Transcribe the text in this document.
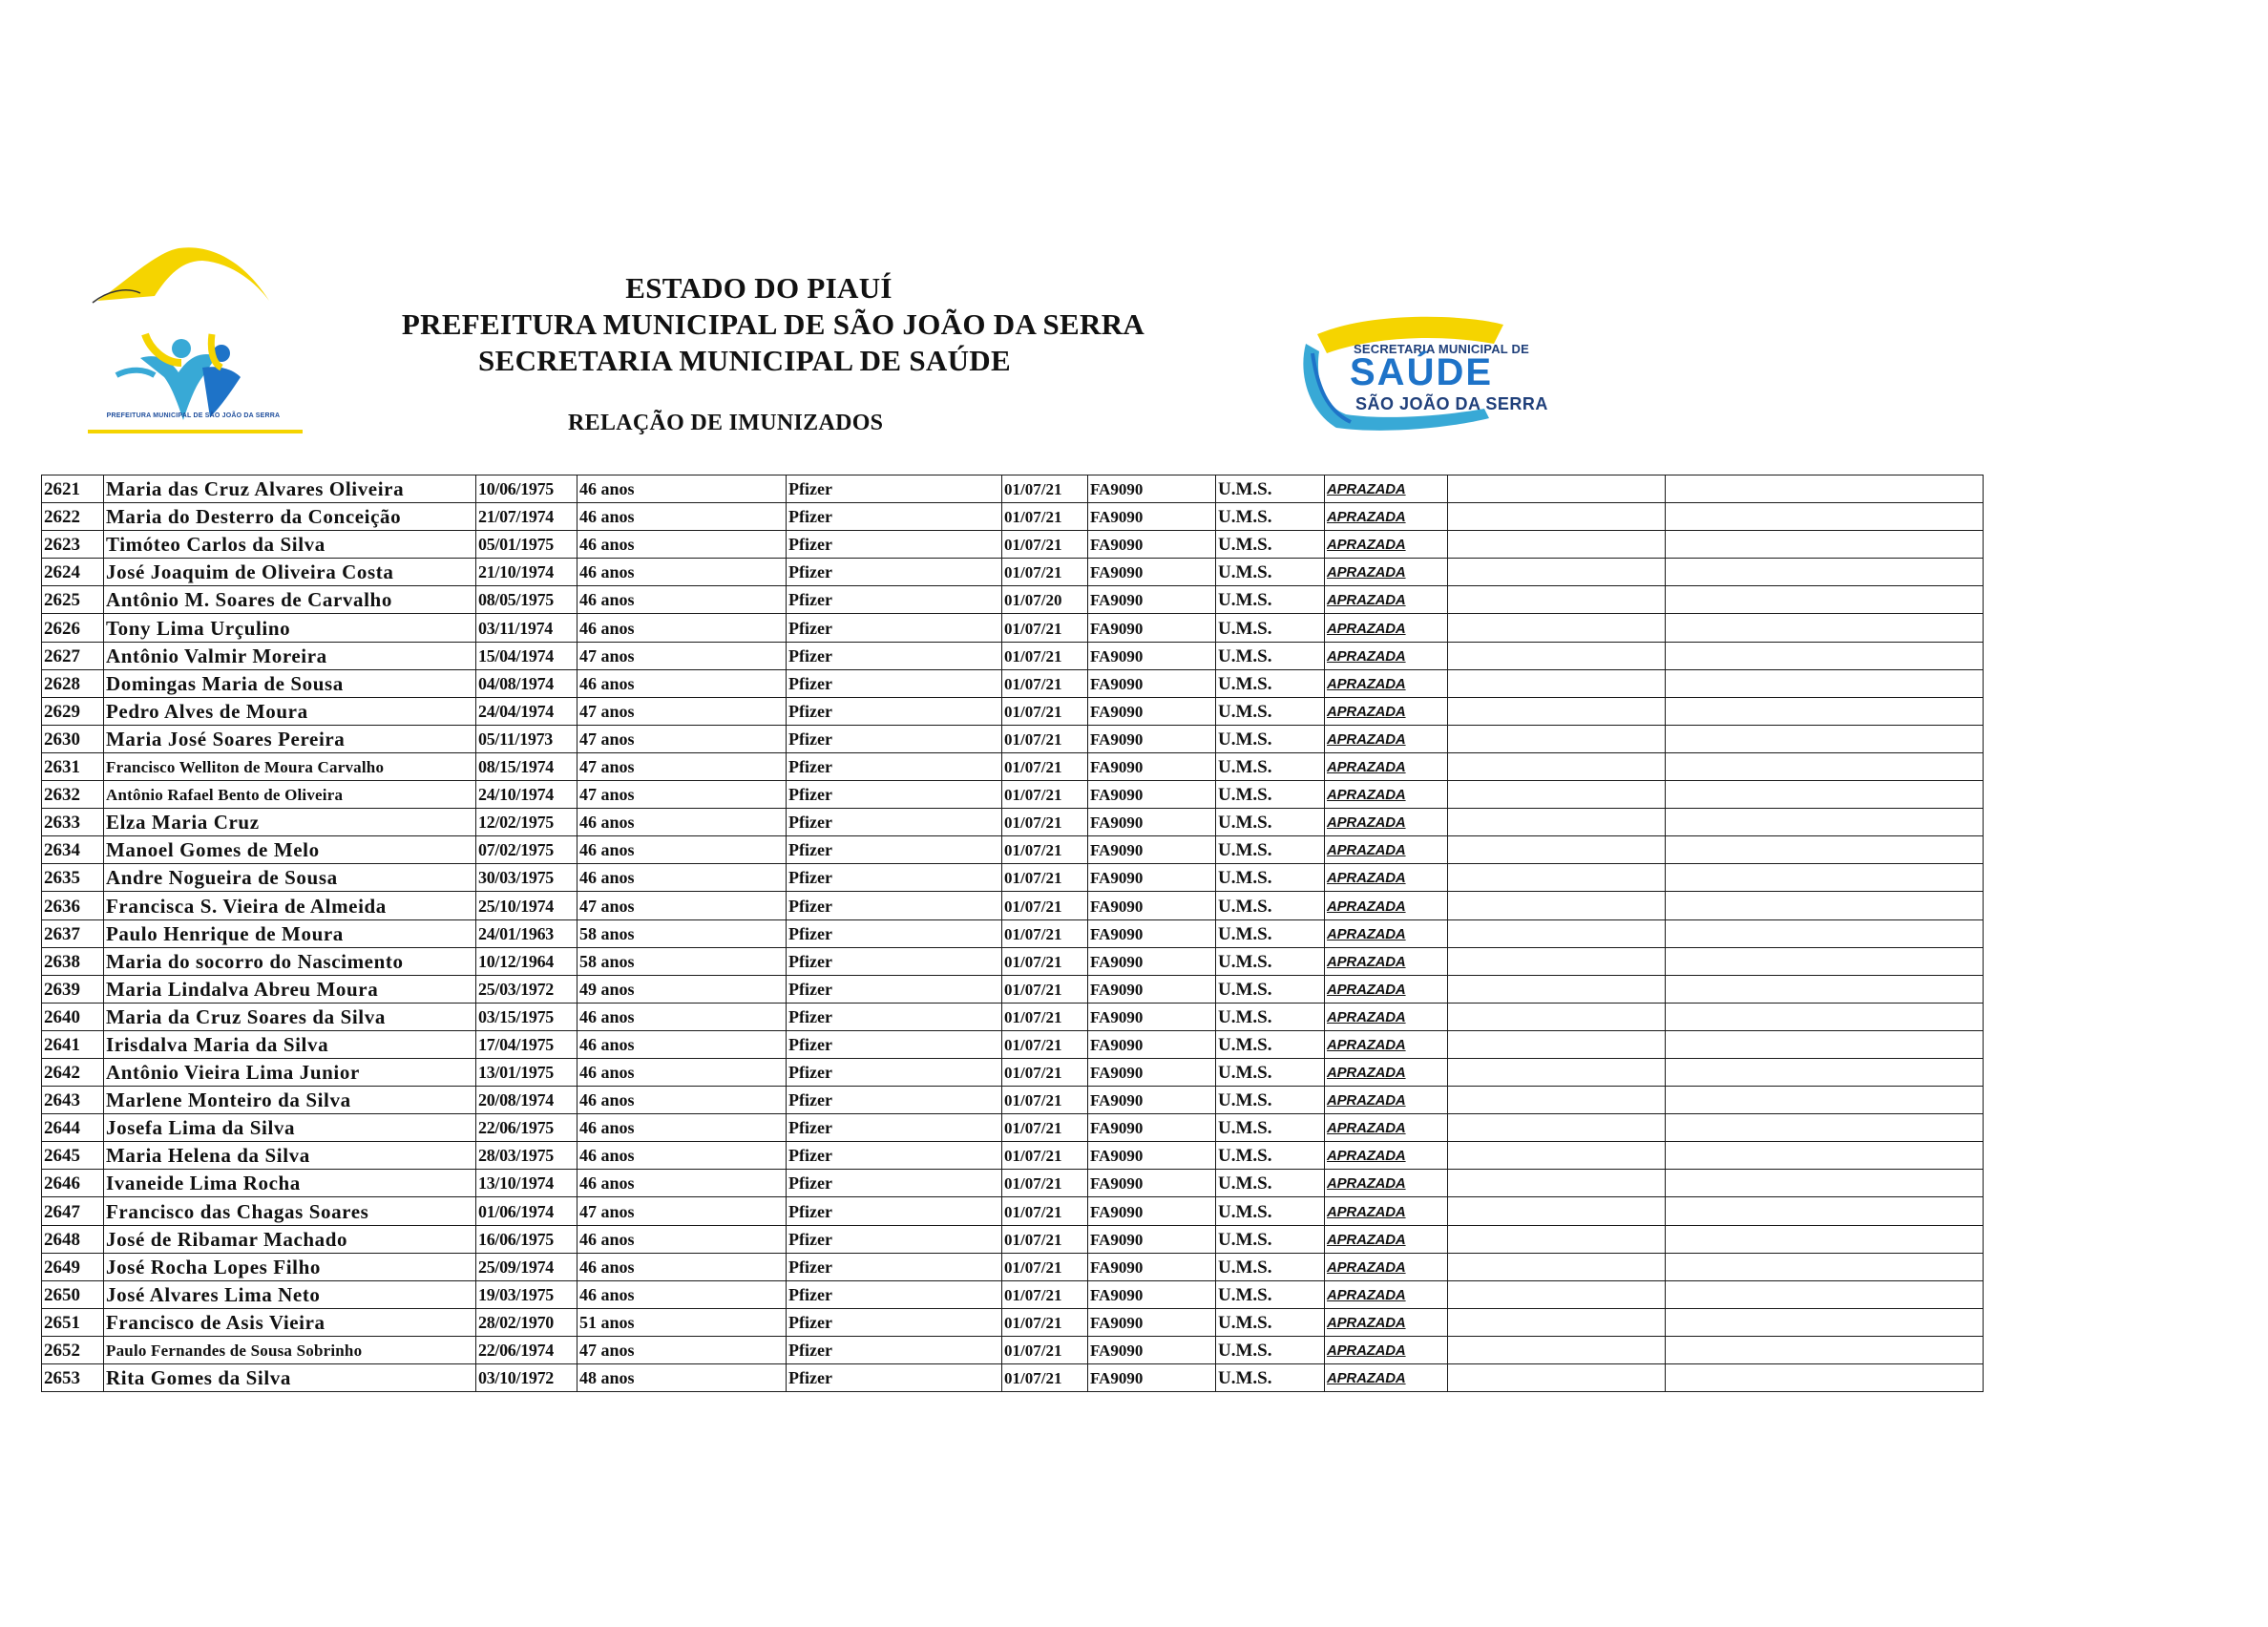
PREFEITURA MUNICIPAL DE SÃO JOÃO DA SERRA
ESTADO DO PIAUÍ
PREFEITURA MUNICIPAL DE SÃO JOÃO DA SERRA
SECRETARIA MUNICIPAL DE SAÚDE
RELAÇÃO DE IMUNIZADOS
SECRETARIA MUNICIPAL DE
SAÚDE
SÃO JOÃO DA SERRA
2621	Maria das Cruz Alvares Oliveira	10/06/1975	46 anos	Pfizer	01/07/21	FA9090	U.M.S.	APRAZADA		
2622	Maria do Desterro da Conceição	21/07/1974	46 anos	Pfizer	01/07/21	FA9090	U.M.S.	APRAZADA		
2623	Timóteo Carlos da Silva	05/01/1975	46 anos	Pfizer	01/07/21	FA9090	U.M.S.	APRAZADA		
2624	José Joaquim de Oliveira Costa	21/10/1974	46 anos	Pfizer	01/07/21	FA9090	U.M.S.	APRAZADA		
2625	Antônio M. Soares de Carvalho	08/05/1975	46 anos	Pfizer	01/07/20	FA9090	U.M.S.	APRAZADA		
2626	Tony Lima Urçulino	03/11/1974	46 anos	Pfizer	01/07/21	FA9090	U.M.S.	APRAZADA		
2627	Antônio Valmir Moreira	15/04/1974	47 anos	Pfizer	01/07/21	FA9090	U.M.S.	APRAZADA		
2628	Domingas Maria de Sousa	04/08/1974	46 anos	Pfizer	01/07/21	FA9090	U.M.S.	APRAZADA		
2629	Pedro Alves de Moura	24/04/1974	47 anos	Pfizer	01/07/21	FA9090	U.M.S.	APRAZADA		
2630	Maria José Soares Pereira	05/11/1973	47 anos	Pfizer	01/07/21	FA9090	U.M.S.	APRAZADA		
2631	Francisco Welliton de Moura Carvalho	08/15/1974	47 anos	Pfizer	01/07/21	FA9090	U.M.S.	APRAZADA		
2632	Antônio Rafael Bento de Oliveira	24/10/1974	47 anos	Pfizer	01/07/21	FA9090	U.M.S.	APRAZADA		
2633	Elza Maria Cruz	12/02/1975	46 anos	Pfizer	01/07/21	FA9090	U.M.S.	APRAZADA		
2634	Manoel Gomes de Melo	07/02/1975	46 anos	Pfizer	01/07/21	FA9090	U.M.S.	APRAZADA		
2635	Andre Nogueira de Sousa	30/03/1975	46 anos	Pfizer	01/07/21	FA9090	U.M.S.	APRAZADA		
2636	Francisca S. Vieira de Almeida	25/10/1974	47 anos	Pfizer	01/07/21	FA9090	U.M.S.	APRAZADA		
2637	Paulo Henrique de Moura	24/01/1963	58 anos	Pfizer	01/07/21	FA9090	U.M.S.	APRAZADA		
2638	Maria do socorro do Nascimento	10/12/1964	58 anos	Pfizer	01/07/21	FA9090	U.M.S.	APRAZADA		
2639	Maria Lindalva Abreu Moura	25/03/1972	49 anos	Pfizer	01/07/21	FA9090	U.M.S.	APRAZADA		
2640	Maria da Cruz Soares da Silva	03/15/1975	46 anos	Pfizer	01/07/21	FA9090	U.M.S.	APRAZADA		
2641	Irisdalva Maria da Silva	17/04/1975	46 anos	Pfizer	01/07/21	FA9090	U.M.S.	APRAZADA		
2642	Antônio Vieira Lima Junior	13/01/1975	46 anos	Pfizer	01/07/21	FA9090	U.M.S.	APRAZADA		
2643	Marlene Monteiro da Silva	20/08/1974	46 anos	Pfizer	01/07/21	FA9090	U.M.S.	APRAZADA		
2644	Josefa Lima da Silva	22/06/1975	46 anos	Pfizer	01/07/21	FA9090	U.M.S.	APRAZADA		
2645	Maria Helena da Silva	28/03/1975	46 anos	Pfizer	01/07/21	FA9090	U.M.S.	APRAZADA		
2646	Ivaneide Lima Rocha	13/10/1974	46 anos	Pfizer	01/07/21	FA9090	U.M.S.	APRAZADA		
2647	Francisco das Chagas Soares	01/06/1974	47 anos	Pfizer	01/07/21	FA9090	U.M.S.	APRAZADA		
2648	José de Ribamar Machado	16/06/1975	46 anos	Pfizer	01/07/21	FA9090	U.M.S.	APRAZADA		
2649	José Rocha Lopes Filho	25/09/1974	46 anos	Pfizer	01/07/21	FA9090	U.M.S.	APRAZADA		
2650	José Alvares Lima Neto	19/03/1975	46 anos	Pfizer	01/07/21	FA9090	U.M.S.	APRAZADA		
2651	Francisco de Asis Vieira	28/02/1970	51 anos	Pfizer	01/07/21	FA9090	U.M.S.	APRAZADA		
2652	Paulo Fernandes de Sousa Sobrinho	22/06/1974	47 anos	Pfizer	01/07/21	FA9090	U.M.S.	APRAZADA		
2653	Rita Gomes da Silva	03/10/1972	48 anos	Pfizer	01/07/21	FA9090	U.M.S.	APRAZADA		
